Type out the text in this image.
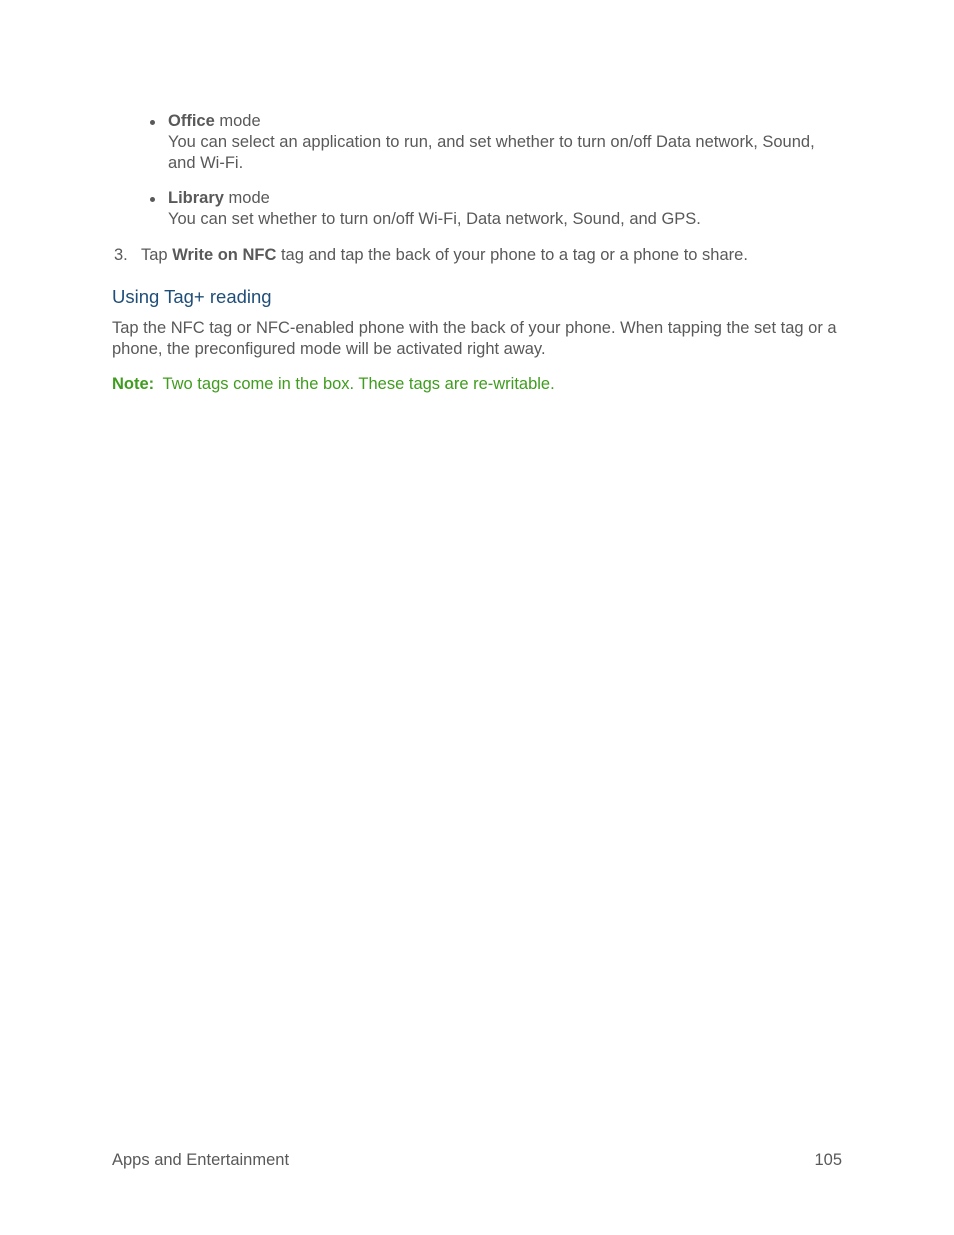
Office mode
You can select an application to run, and set whether to turn on/off Data network, Sound,
and Wi-Fi.
Library mode
You can set whether to turn on/off Wi-Fi, Data network, Sound, and GPS.
3. Tap Write on NFC tag and tap the back of your phone to a tag or a phone to share.
Using Tag+ reading
Tap the NFC tag or NFC-enabled phone with the back of your phone. When tapping the set tag or a
phone, the preconfigured mode will be activated right away.
Note: Two tags come in the box. These tags are re-writable.
Apps and Entertainment	105
